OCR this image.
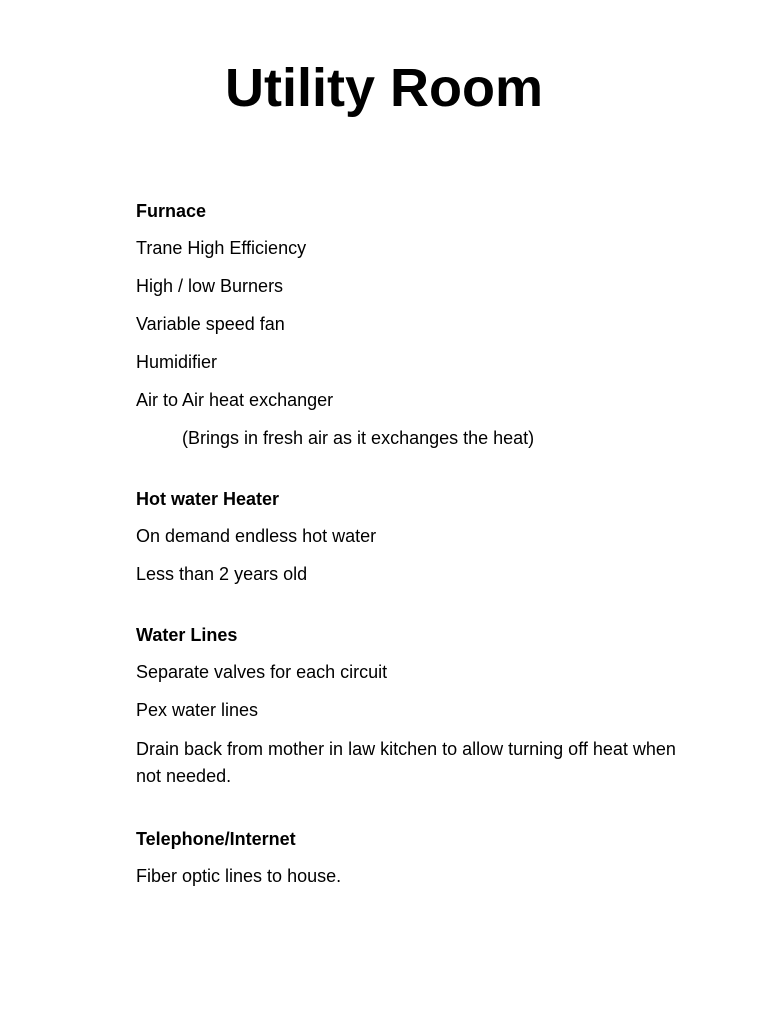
Utility Room
Furnace
Trane High Efficiency
High / low Burners
Variable speed fan
Humidifier
Air to Air heat exchanger
(Brings in fresh air as it exchanges the heat)
Hot water Heater
On demand endless hot water
Less than 2 years old
Water Lines
Separate valves for each circuit
Pex water lines
Drain back from mother in law kitchen to allow turning off heat when not needed.
Telephone/Internet
Fiber optic lines to house.
